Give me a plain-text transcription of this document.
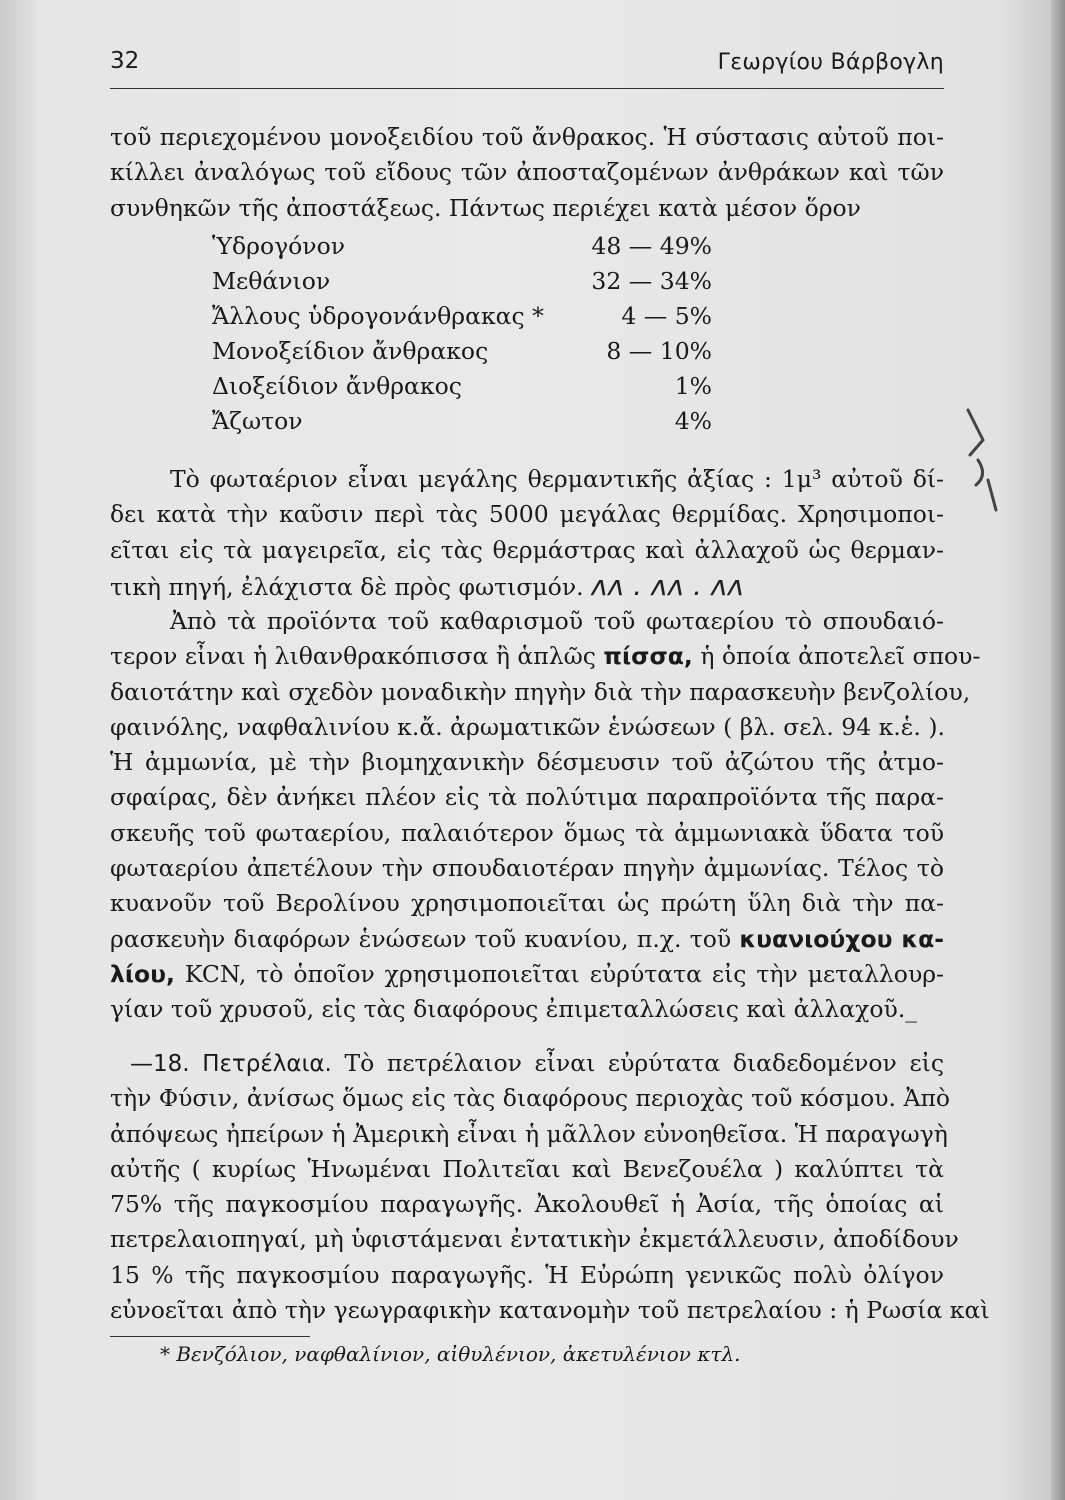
32	Γεωργίου Βάρβογλη
τοῦ περιεχομένου μονοξειδίου τοῦ ἄνθρακος. Ἡ σύστασις αὐτοῦ ποι-
κίλλει ἀναλόγως τοῦ εἴδους τῶν ἀποσταζομένων ἀνθράκων καὶ τῶν
συνθηκῶν τῆς ἀποστάξεως. Πάντως περιέχει κατὰ μέσον ὅρον
Ὑδρογόνον	48 — 49%
Μεθάνιον	32 — 34%
Ἄλλους ὑδρογονάνθρακας *	4 — 5%
Μονοξείδιον ἄνθρακος	8 — 10%
Διοξείδιον ἄνθρακος	1%
Ἄζωτον	4%
Τὸ φωταέριον εἶναι μεγάλης θερμαντικῆς ἀξίας : 1μ³ αὐτοῦ δί-
δει κατὰ τὴν καῦσιν περὶ τὰς 5000 μεγάλας θερμίδας. Χρησιμοποι-
εῖται εἰς τὰ μαγειρεῖα, εἰς τὰς θερμάστρας καὶ ἀλλαχοῦ ὡς θερμαν-
τικὴ πηγή, ἐλάχιστα δὲ πρὸς φωτισμόν. ᴧᴧ . ᴧᴧ . ᴧᴧ
Ἀπὸ τὰ προϊόντα τοῦ καθαρισμοῦ τοῦ φωταερίου τὸ σπουδαιό-
τερον εἶναι ἡ λιθανθρακόπισσα ἢ ἁπλῶς πίσσα, ἡ ὁποία ἀποτελεῖ σπου-
δαιοτάτην καὶ σχεδὸν μοναδικὴν πηγὴν διὰ τὴν παρασκευὴν βενζολίου,
φαινόλης, ναφθαλινίου κ.ἄ. ἀρωματικῶν ἑνώσεων ( βλ. σελ. 94 κ.ἑ. ).
Ἡ ἀμμωνία, μὲ τὴν βιομηχανικὴν δέσμευσιν τοῦ ἀζώτου τῆς ἀτμο-
σφαίρας, δὲν ἀνήκει πλέον εἰς τὰ πολύτιμα παραπροϊόντα τῆς παρα-
σκευῆς τοῦ φωταερίου, παλαιότερον ὅμως τὰ ἀμμωνιακὰ ὕδατα τοῦ
φωταερίου ἀπετέλουν τὴν σπουδαιοτέραν πηγὴν ἀμμωνίας. Τέλος τὸ
κυανοῦν τοῦ Βερολίνου χρησιμοποιεῖται ὡς πρώτη ὕλη διὰ τὴν πα-
ρασκευὴν διαφόρων ἑνώσεων τοῦ κυανίου, π.χ. τοῦ κυανιούχου κα-
λίου, KCN, τὸ ὁποῖον χρησιμοποιεῖται εὐρύτατα εἰς τὴν μεταλλουρ-
γίαν τοῦ χρυσοῦ, εἰς τὰς διαφόρους ἐπιμεταλλώσεις καὶ ἀλλαχοῦ._
—18. Πετρέλαια. Τὸ πετρέλαιον εἶναι εὐρύτατα διαδεδομένον εἰς
τὴν Φύσιν, ἀνίσως ὅμως εἰς τὰς διαφόρους περιοχὰς τοῦ κόσμου. Ἀπὸ
ἀπόψεως ἠπείρων ἡ Ἀμερικὴ εἶναι ἡ μᾶλλον εὐνοηθεῖσα. Ἡ παραγωγὴ
αὐτῆς ( κυρίως Ἡνωμέναι Πολιτεῖαι καὶ Βενεζουέλα ) καλύπτει τὰ
75% τῆς παγκοσμίου παραγωγῆς. Ἀκολουθεῖ ἡ Ἀσία, τῆς ὁποίας αἱ
πετρελαιοπηγαί, μὴ ὑφιστάμεναι ἐντατικὴν ἐκμετάλλευσιν, ἀποδίδουν
15 % τῆς παγκοσμίου παραγωγῆς. Ἡ Εὐρώπη γενικῶς πολὺ ὀλίγον
εὐνοεῖται ἀπὸ τὴν γεωγραφικὴν κατανομὴν τοῦ πετρελαίου : ἡ Ρωσία καὶ
* Βενζόλιον, ναφθαλίνιον, αἰθυλένιον, ἀκετυλένιον κτλ.
